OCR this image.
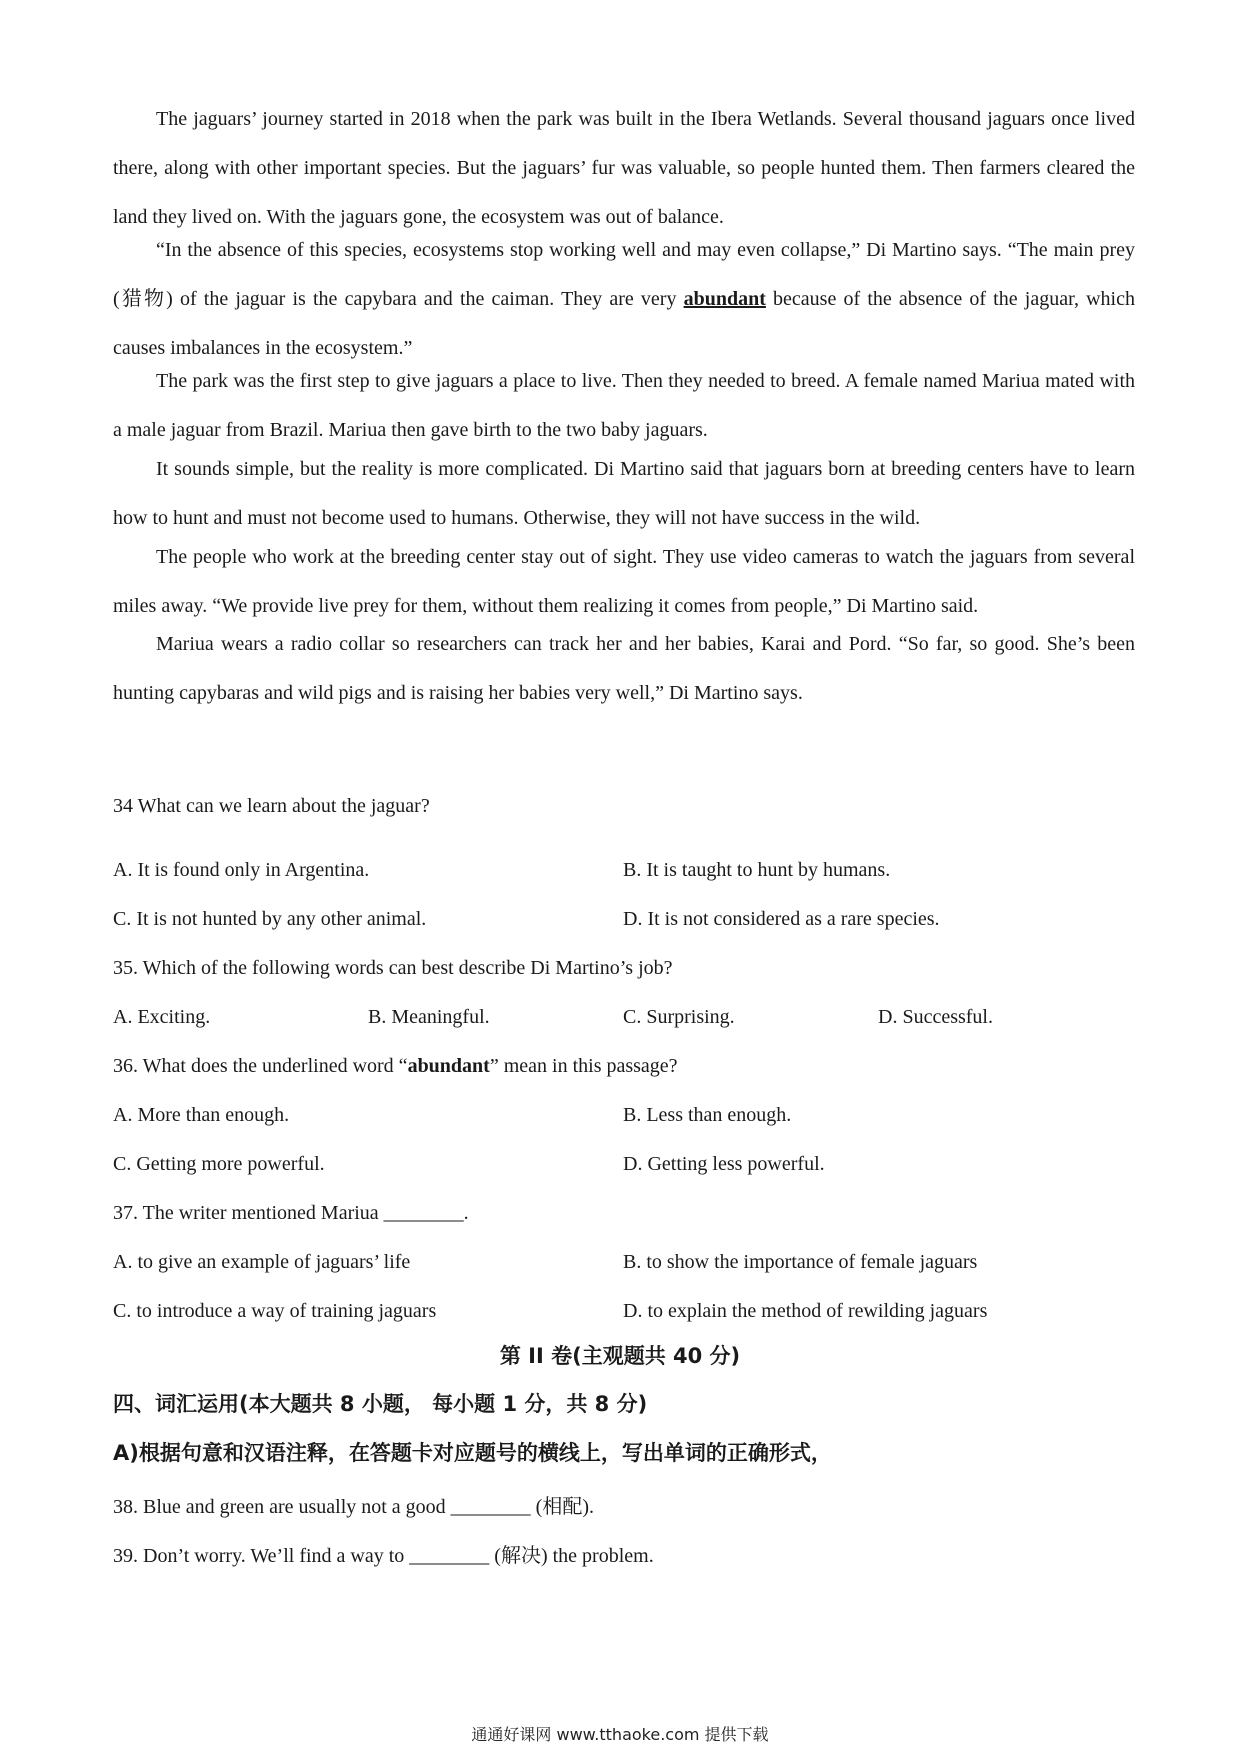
The jaguars’ journey started in 2018 when the park was built in the Ibera Wetlands. Several thousand jaguars once lived there, along with other important species. But the jaguars’ fur was valuable, so people hunted them. Then farmers cleared the land they lived on. With the jaguars gone, the ecosystem was out of balance.

“In the absence of this species, ecosystems stop working well and may even collapse,” Di Martino says. “The main prey (猎物) of the jaguar is the capybara and the caiman. They are very abundant because of the absence of the jaguar, which causes imbalances in the ecosystem.”

The park was the first step to give jaguars a place to live. Then they needed to breed. A female named Mariua mated with a male jaguar from Brazil. Mariua then gave birth to the two baby jaguars.

It sounds simple, but the reality is more complicated. Di Martino said that jaguars born at breeding centers have to learn how to hunt and must not become used to humans. Otherwise, they will not have success in the wild.

The people who work at the breeding center stay out of sight. They use video cameras to watch the jaguars from several miles away. “We provide live prey for them, without them realizing it comes from people,” Di Martino said.

Mariua wears a radio collar so researchers can track her and her babies, Karai and Pord. “So far, so good. She’s been hunting capybaras and wild pigs and is raising her babies very well,” Di Martino says.

34 What can we learn about the jaguar?

A. It is found only in Argentina.	B. It is taught to hunt by humans.
C. It is not hunted by any other animal.	D. It is not considered as a rare species.

35. Which of the following words can best describe Di Martino’s job?

A. Exciting.	B. Meaningful.	C. Surprising.	D. Successful.

36. What does the underlined word “abundant” mean in this passage?

A. More than enough.	B. Less than enough.
C. Getting more powerful.	D. Getting less powerful.

37. The writer mentioned Mariua ________.

A. to give an example of jaguars’ life	B. to show the importance of female jaguars
C. to introduce a way of training jaguars	D. to explain the method of rewilding jaguars
第 II 卷(主观题共 40 分)
四、词汇运用(本大题共 8 小题， 每小题 1 分，共 8 分)
A)根据句意和汉语注释，在答题卡对应题号的横线上，写出单词的正确形式，

38. Blue and green are usually not a good ________ (相配).

39. Don’t worry. We’ll find a way to ________ (解决) the problem.

通通好课网 www.tthaoke.com 提供下载
